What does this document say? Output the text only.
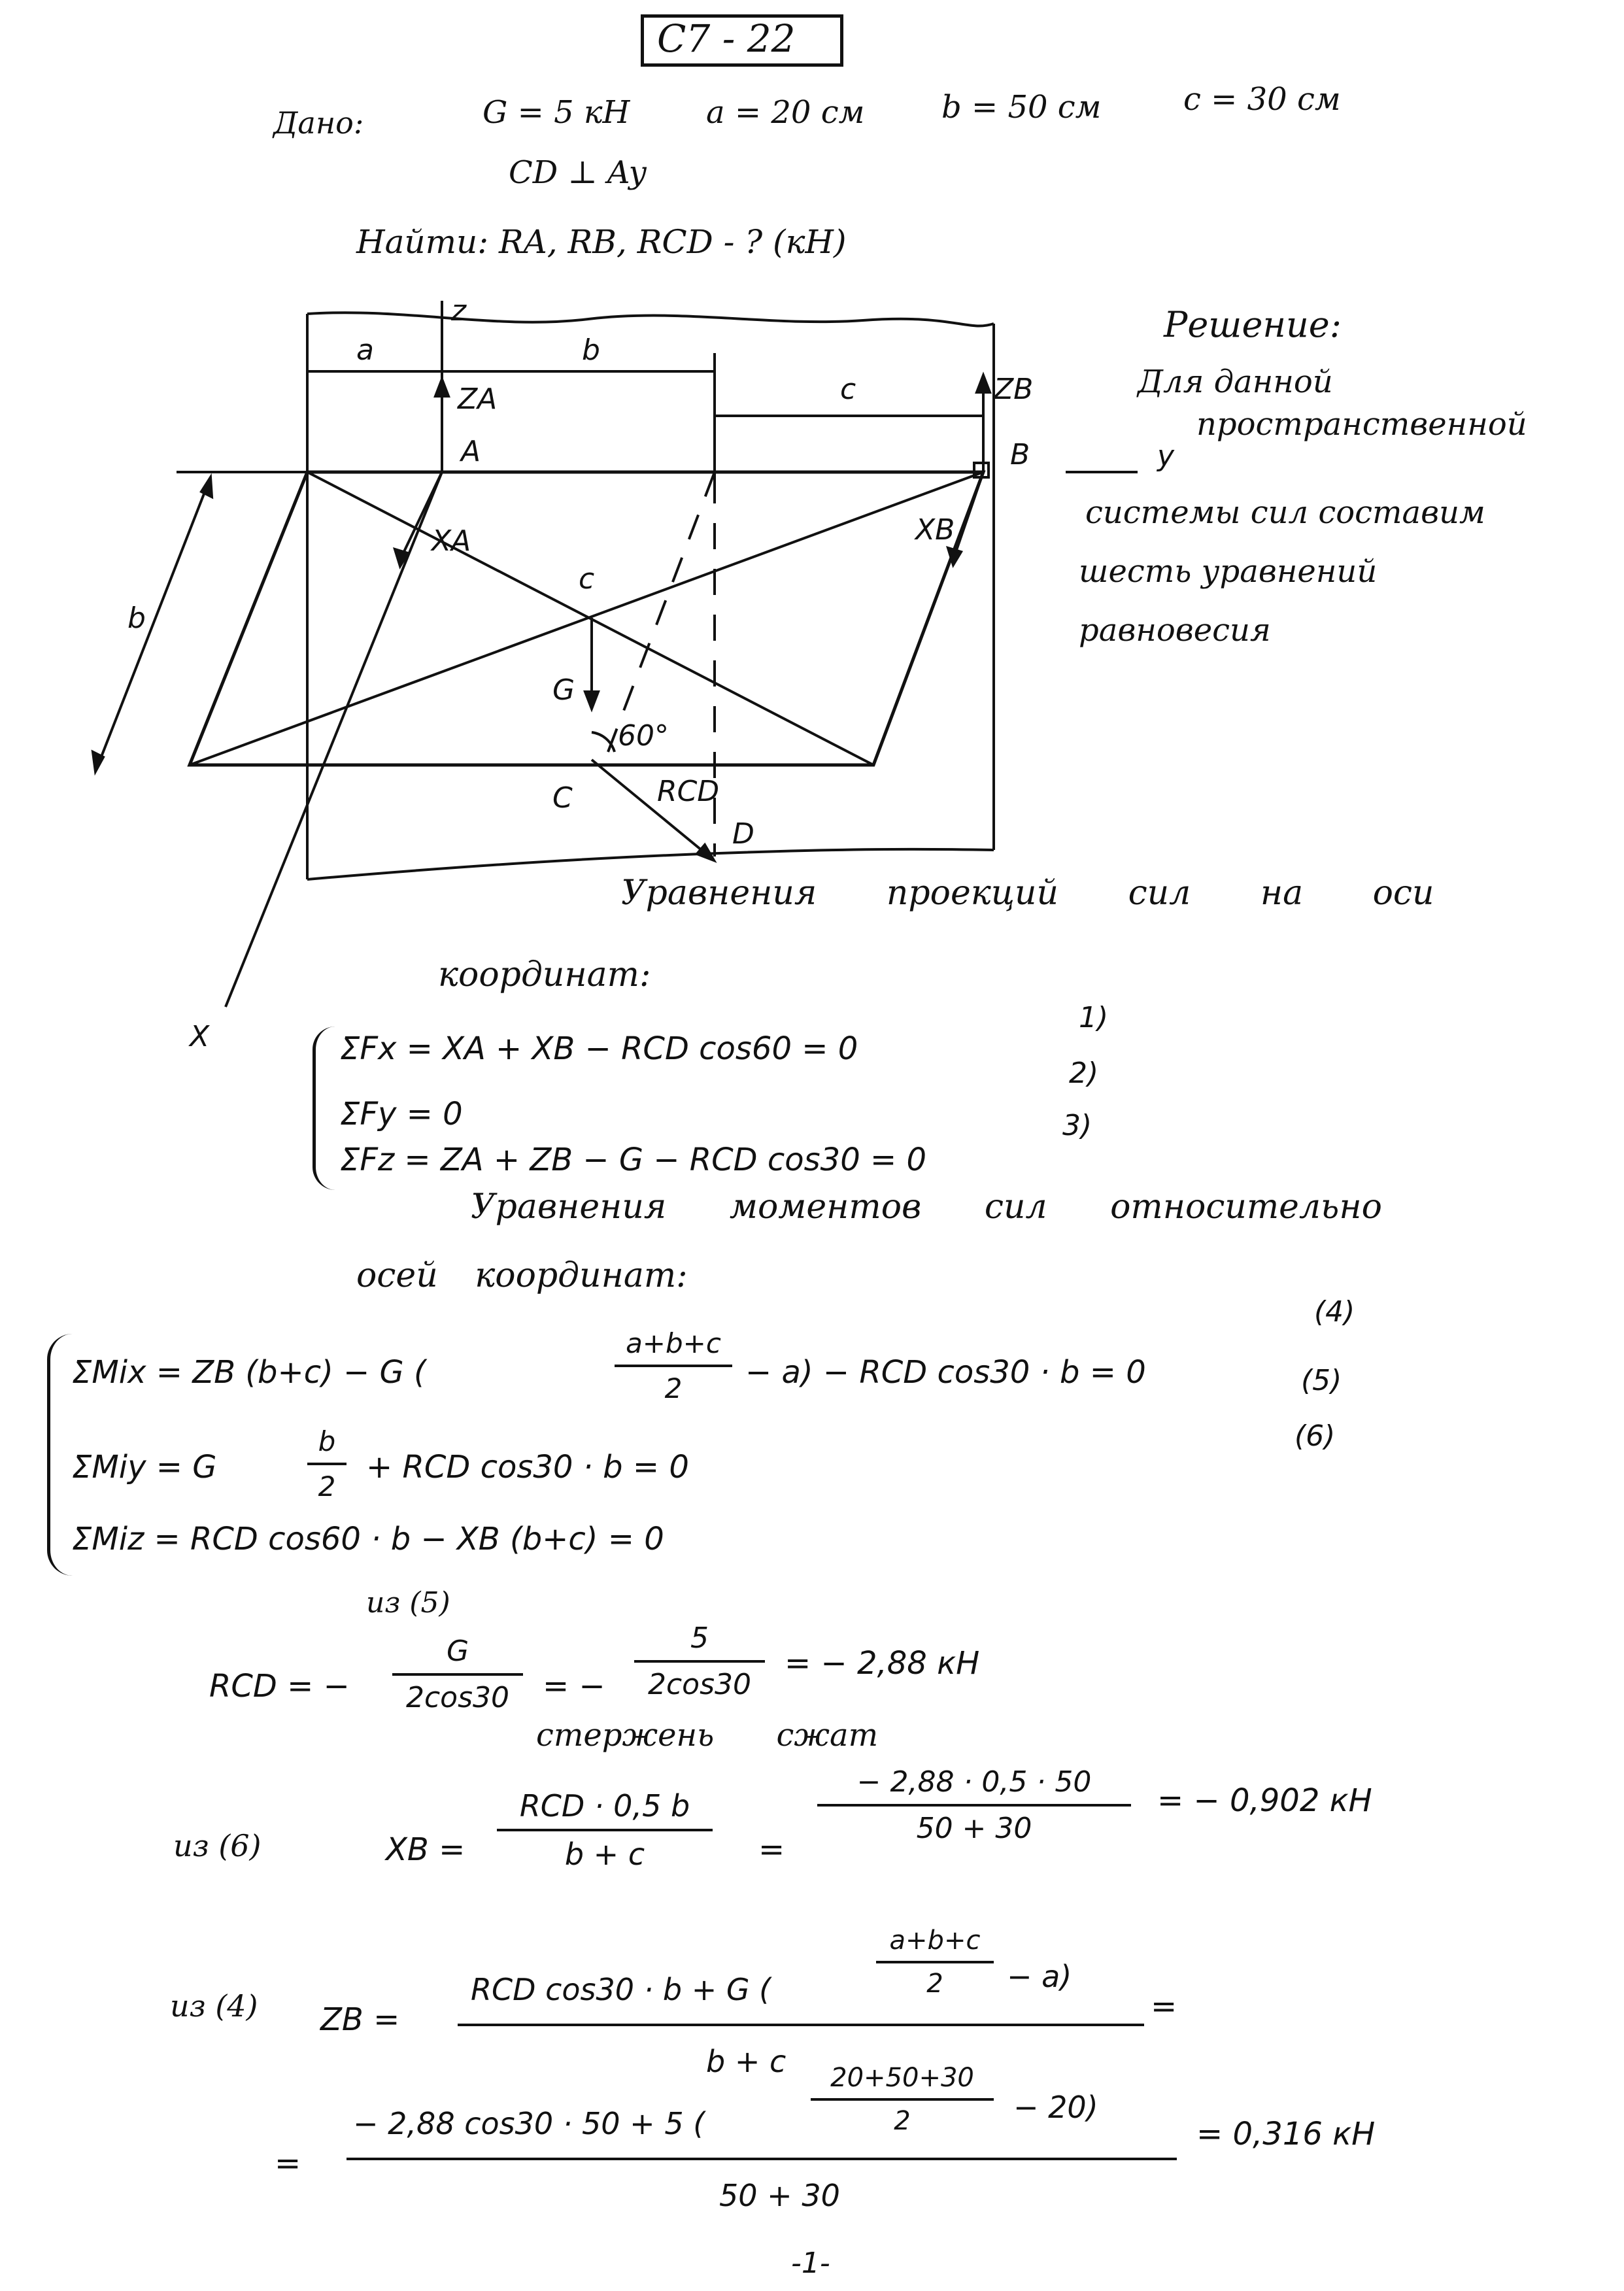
C7 - 22
Дано:	G = 5 кН a = 20 см b = 50 см	c = 30 см
CD ⊥ Ay
Найти: RA, RB, RCD - ? (кН)
z
a	b
c
ZA
A
ZB
B	y
XA	XB
c
G
60°
C	RCD
D
X
b
Решение:
Для данной
пространственной
системы сил составим
шесть уравнений
равновесия
Уравнения проекций сил на оси
координат:
ΣFx = XA + XB − RCD cos60 = 0
ΣFy = 0
ΣFz = ZA + ZB − G − RCD cos30 = 0
1)
2)
3)
Уравнения моментов сил относительно
осей координат:
ΣMix = ZB (b+c) − G (
a+b+c
2	− a) − RCD cos30 · b = 0
(4)
ΣMiy = G
b
2
+ RCD cos30 · b = 0
(5)
(6)
ΣMiz = RCD cos60 · b − XB (b+c) = 0
из (5)
RCD = −
G
2cos30	= −
5
2cos30
= − 2,88 кН
стержень сжат
из (6)	XB =
RCD · 0,5 b
b + c	=
− 2,88 · 0,5 · 50
50 + 30
= − 0,902 кН
из (4) ZB =
RCD cos30 · b + G (
a+b+c
2	− a)
b + c
=
=
− 2,88 cos30 · 50 + 5 (
20+50+30
2	− 20)
50 + 30
= 0,316 кН
-1-
